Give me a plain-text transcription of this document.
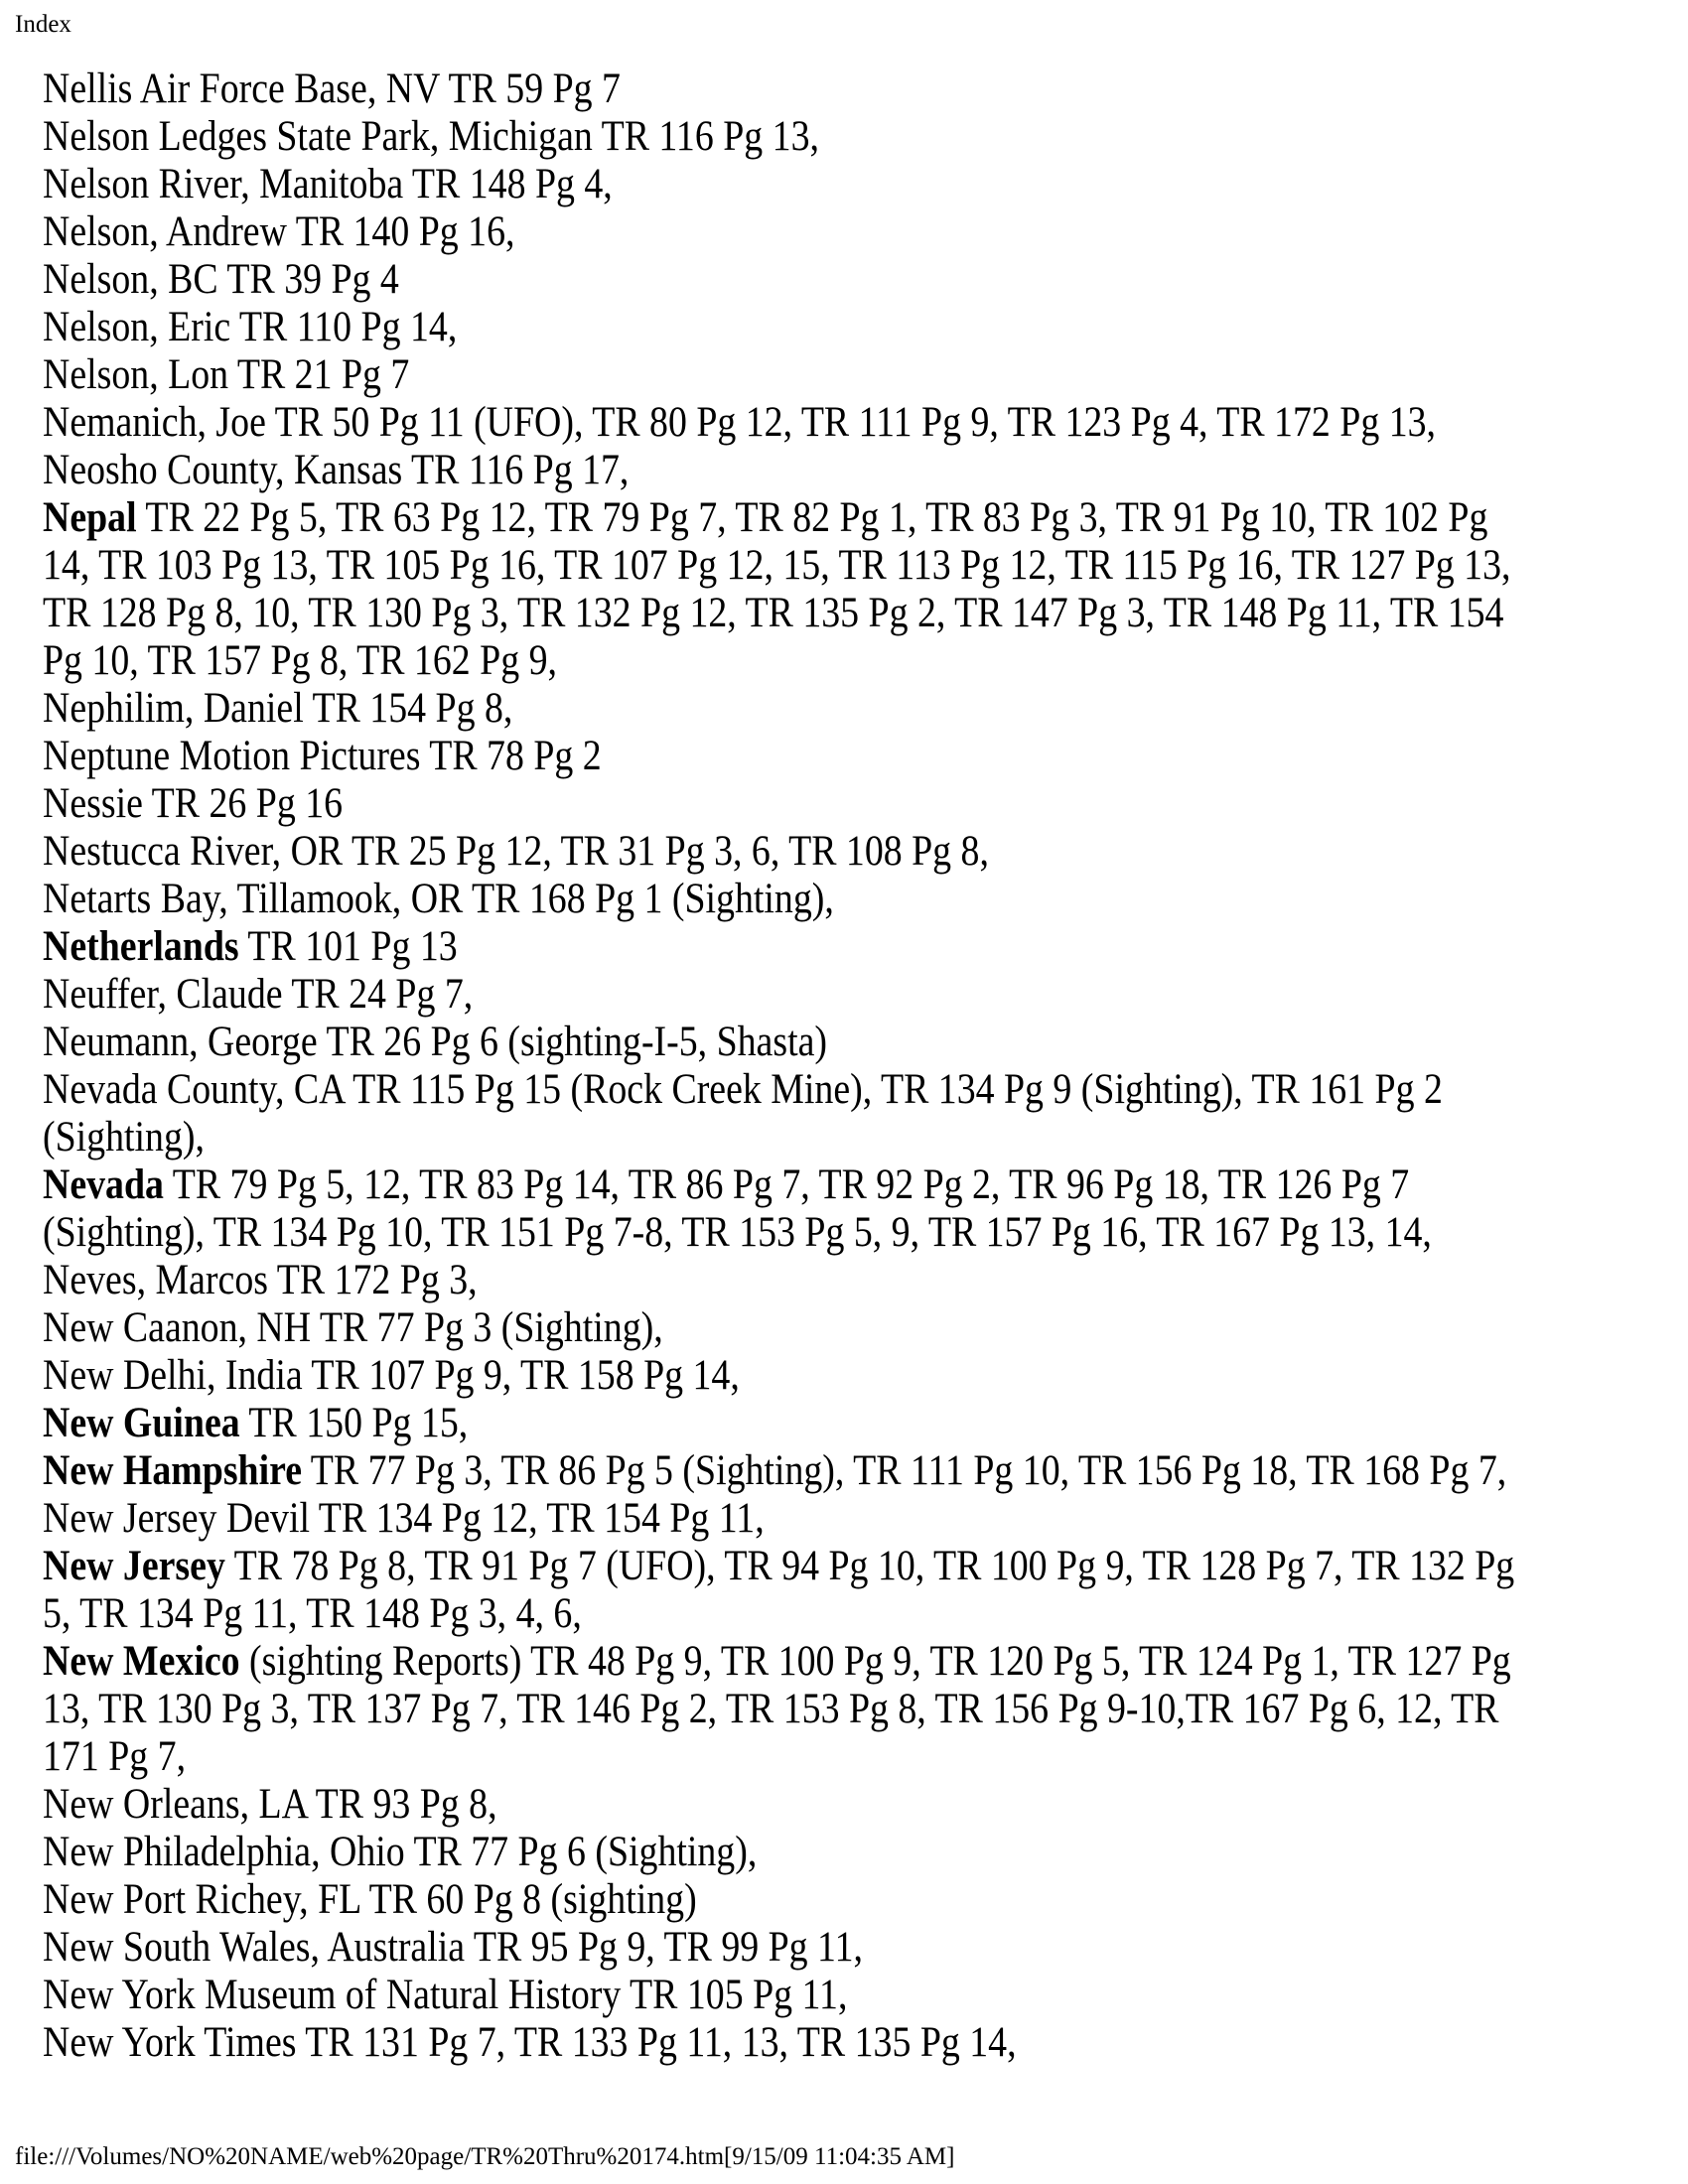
Index
Nellis Air Force Base, NV TR 59 Pg 7
Nelson Ledges State Park, Michigan TR 116 Pg 13,
Nelson River, Manitoba TR 148 Pg 4,
Nelson, Andrew TR 140 Pg 16,
Nelson, BC TR 39 Pg 4
Nelson, Eric TR 110 Pg 14,
Nelson, Lon TR 21 Pg 7
Nemanich, Joe TR 50 Pg 11 (UFO), TR 80 Pg 12, TR 111 Pg 9, TR 123 Pg 4, TR 172 Pg 13,
Neosho County, Kansas TR 116 Pg 17,
Nepal TR 22 Pg 5, TR 63 Pg 12, TR 79 Pg 7, TR 82 Pg 1, TR 83 Pg 3, TR 91 Pg 10, TR 102 Pg
14, TR 103 Pg 13, TR 105 Pg 16, TR 107 Pg 12, 15, TR 113 Pg 12, TR 115 Pg 16, TR 127 Pg 13,
TR 128 Pg 8, 10, TR 130 Pg 3, TR 132 Pg 12, TR 135 Pg 2, TR 147 Pg 3, TR 148 Pg 11, TR 154
Pg 10, TR 157 Pg 8, TR 162 Pg 9,
Nephilim, Daniel TR 154 Pg 8,
Neptune Motion Pictures TR 78 Pg 2
Nessie TR 26 Pg 16
Nestucca River, OR TR 25 Pg 12, TR 31 Pg 3, 6, TR 108 Pg 8,
Netarts Bay, Tillamook, OR TR 168 Pg 1 (Sighting),
Netherlands TR 101 Pg 13
Neuffer, Claude TR 24 Pg 7,
Neumann, George TR 26 Pg 6 (sighting-I-5, Shasta)
Nevada County, CA TR 115 Pg 15 (Rock Creek Mine), TR 134 Pg 9 (Sighting), TR 161 Pg 2
(Sighting),
Nevada TR 79 Pg 5, 12, TR 83 Pg 14, TR 86 Pg 7, TR 92 Pg 2, TR 96 Pg 18, TR 126 Pg 7
(Sighting), TR 134 Pg 10, TR 151 Pg 7-8, TR 153 Pg 5, 9, TR 157 Pg 16, TR 167 Pg 13, 14,
Neves, Marcos TR 172 Pg 3,
New Caanon, NH TR 77 Pg 3 (Sighting),
New Delhi, India TR 107 Pg 9, TR 158 Pg 14,
New Guinea TR 150 Pg 15,
New Hampshire TR 77 Pg 3, TR 86 Pg 5 (Sighting), TR 111 Pg 10, TR 156 Pg 18, TR 168 Pg 7,
New Jersey Devil TR 134 Pg 12, TR 154 Pg 11,
New Jersey TR 78 Pg 8, TR 91 Pg 7 (UFO), TR 94 Pg 10, TR 100 Pg 9, TR 128 Pg 7, TR 132 Pg
5, TR 134 Pg 11, TR 148 Pg 3, 4, 6,
New Mexico (sighting Reports) TR 48 Pg 9, TR 100 Pg 9, TR 120 Pg 5, TR 124 Pg 1, TR 127 Pg
13, TR 130 Pg 3, TR 137 Pg 7, TR 146 Pg 2, TR 153 Pg 8, TR 156 Pg 9-10,TR 167 Pg 6, 12, TR
171 Pg 7,
New Orleans, LA TR 93 Pg 8,
New Philadelphia, Ohio TR 77 Pg 6 (Sighting),
New Port Richey, FL TR 60 Pg 8 (sighting)
New South Wales, Australia TR 95 Pg 9, TR 99 Pg 11,
New York Museum of Natural History TR 105 Pg 11,
New York Times TR 131 Pg 7, TR 133 Pg 11, 13, TR 135 Pg 14,
file:///Volumes/NO%20NAME/web%20page/TR%20Thru%20174.htm[9/15/09 11:04:35 AM]
